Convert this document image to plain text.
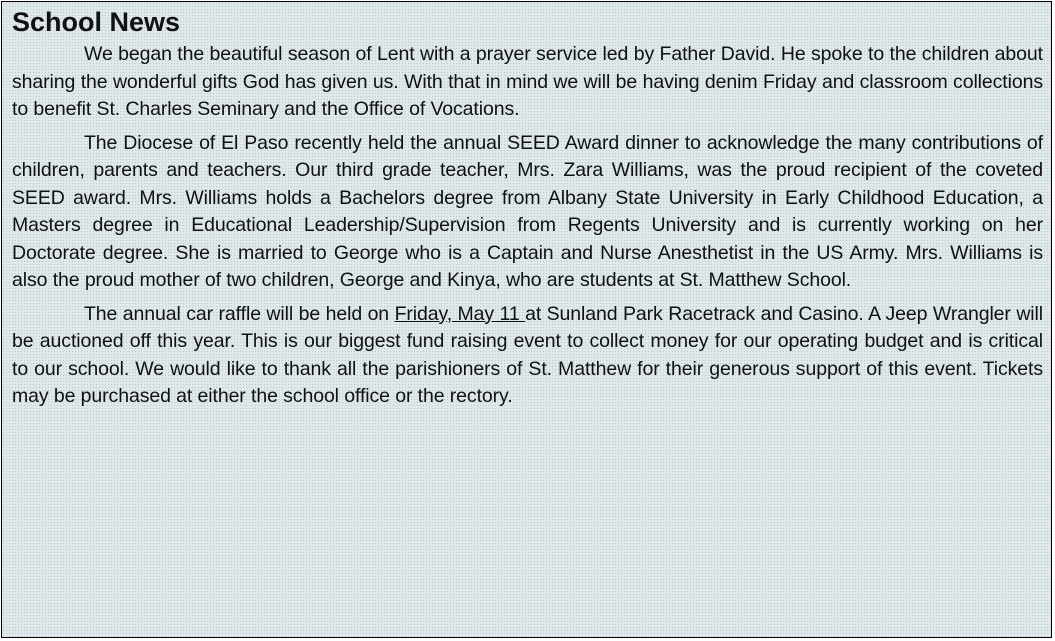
School News

We began the beautiful season of Lent with a prayer service led by Father David. He spoke to the children about sharing the wonderful gifts God has given us. With that in mind we will be having denim Friday and classroom collections to benefit St. Charles Seminary and the Office of Vocations.

The Diocese of El Paso recently held the annual SEED Award dinner to acknowledge the many contributions of children, parents and teachers. Our third grade teacher, Mrs. Zara Williams, was the proud recipient of the coveted SEED award. Mrs. Williams holds a Bachelors degree from Albany State University in Early Childhood Education, a Masters degree in Educational Leadership/Supervision from Regents University and is currently working on her Doctorate degree. She is married to George who is a Captain and Nurse Anesthetist in the US Army. Mrs. Williams is also the proud mother of two children, George and Kinya, who are students at St. Matthew School.

The annual car raffle will be held on Friday, May 11 at Sunland Park Racetrack and Casino. A Jeep Wrangler will be auctioned off this year. This is our biggest fund raising event to collect money for our operating budget and is critical to our school. We would like to thank all the parishioners of St. Matthew for their generous support of this event. Tickets may be purchased at either the school office or the rectory.
